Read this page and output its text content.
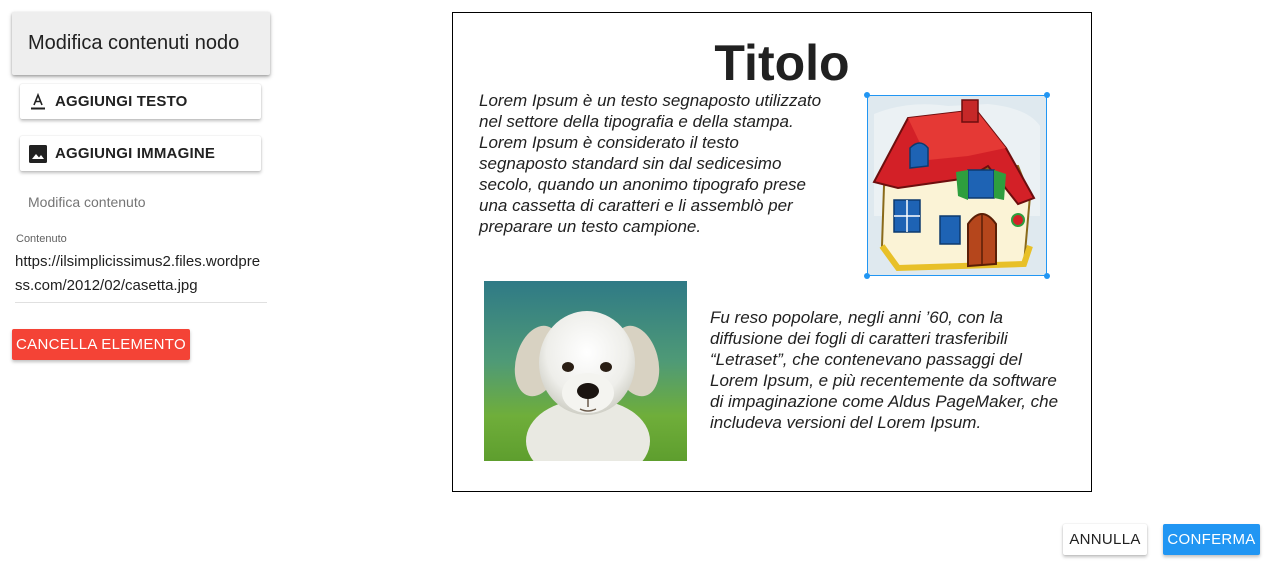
Modifica contenuti nodo
AGGIUNGI TESTO
AGGIUNGI IMMAGINE
Modifica contenuto
Contenuto
https://ilsimplicissimus2.files.wordpress.com/2012/02/casetta.jpg
CANCELLA ELEMENTO
Titolo
Lorem Ipsum è un testo segnaposto utilizzato nel settore della tipografia e della stampa. Lorem Ipsum è considerato il testo segnaposto standard sin dal sedicesimo secolo, quando un anonimo tipografo prese una cassetta di caratteri e li assemblò per preparare un testo campione.
Fu reso popolare, negli anni ’60, con la diffusione dei fogli di caratteri trasferibili “Letraset”, che contenevano passaggi del Lorem Ipsum, e più recentemente da software di impaginazione come Aldus PageMaker, che includeva versioni del Lorem Ipsum.
ANNULLA	CONFERMA
